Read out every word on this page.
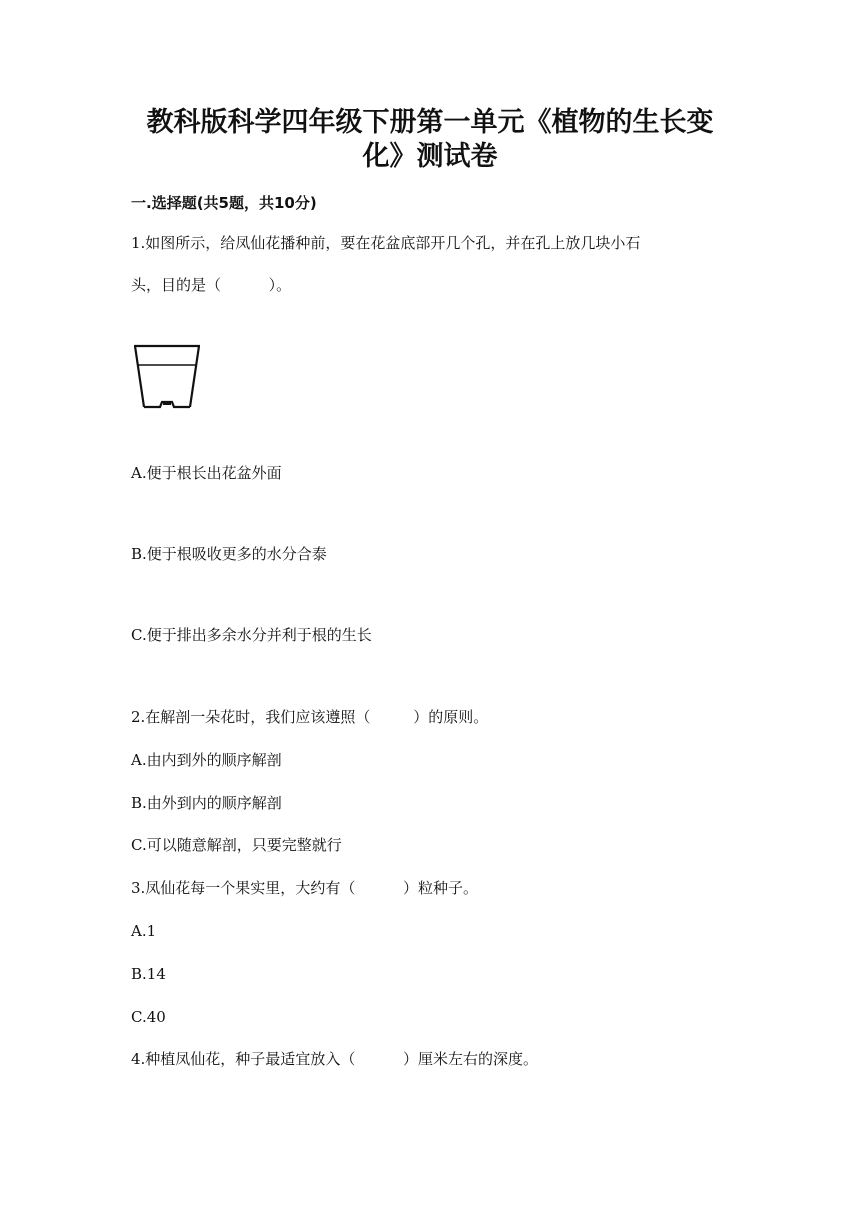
教科版科学四年级下册第一单元《植物的生长变
化》测试卷
一.选择题(共5题，共10分)
1.如图所示，给凤仙花播种前，要在花盆底部开几个孔，并在孔上放几块小石
头，目的是（          ）。
A.便于根长出花盆外面
B.便于根吸收更多的水分合泰
C.便于排出多余水分并利于根的生长
2.在解剖一朵花时，我们应该遵照（         ）的原则。
A.由内到外的顺序解剖
B.由外到内的顺序解剖
C.可以随意解剖，只要完整就行
3.凤仙花每一个果实里，大约有（          ）粒种子。
A.1
B.14
C.40
4.种植凤仙花，种子最适宜放入（          ）厘米左右的深度。
